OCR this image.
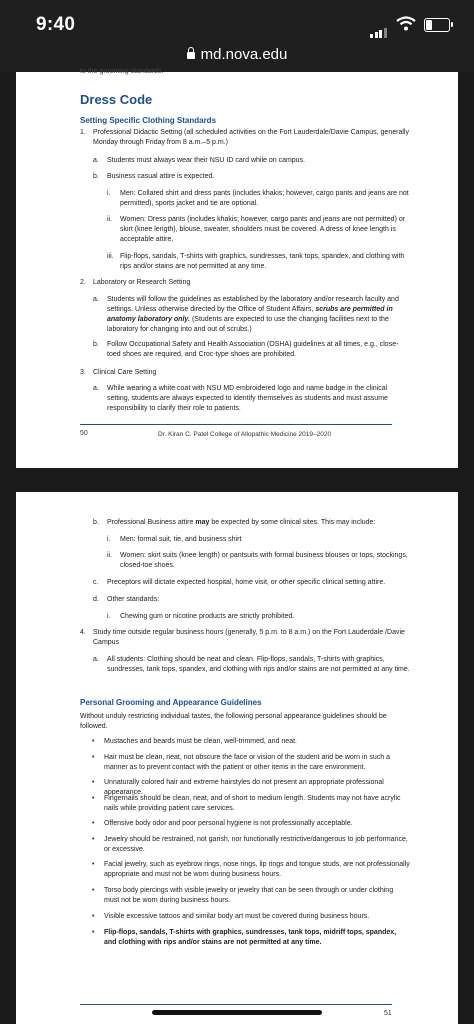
9:40
md.nova.edu
to the grooming standards.
Dress Code
Setting Specific Clothing Standards
1. Professional Didactic Setting (all scheduled activities on the Fort Lauderdale/Davie Campus, generally Monday through Friday from 8 a.m.–5 p.m.)
a. Students must always wear their NSU ID card while on campus.
b. Business casual attire is expected.
i. Men: Collared shirt and dress pants (includes khakis; however, cargo pants and jeans are not permitted), sports jacket and tie are optional.
ii. Women: Dress pants (includes khakis; however, cargo pants and jeans are not permitted) or skirt (knee length), blouse, sweater, shoulders must be covered. A dress of knee length is acceptable attire.
iii. Flip-flops, sandals, T-shirts with graphics, sundresses, tank tops, spandex, and clothing with rips and/or stains are not permitted at any time.
2. Laboratory or Research Setting
a. Students will follow the guidelines as established by the laboratory and/or research faculty and settings. Unless otherwise directed by the Office of Student Affairs, scrubs are permitted in anatomy laboratory only. (Students are expected to use the changing facilities next to the laboratory for changing into and out of scrubs.)
b. Follow Occupational Safety and Health Association (OSHA) guidelines at all times, e.g., close-toed shoes are required, and Croc-type shoes are prohibited.
3. Clinical Care Setting
a. While wearing a white coat with NSU MD embroidered logo and name badge in the clinical setting, students are always expected to identify themselves as students and must assume responsibility to clarify their role to patients.
50	Dr. Kiran C. Patel College of Allopathic Medicine 2019–2020
b. Professional Business attire may be expected by some clinical sites. This may include:
i. Men: formal suit, tie, and business shirt
ii. Women: skirt suits (knee length) or pantsuits with formal business blouses or tops, stockings, closed-toe shoes.
c. Preceptors will dictate expected hospital, home visit, or other specific clinical setting attire.
d. Other standards:
i. Chewing gum or nicotine products are strictly prohibited.
4. Study time outside regular business hours (generally, 5 p.m. to 8 a.m.) on the Fort Lauderdale /Davie Campus
a. All students: Clothing should be neat and clean. Flip-flops, sandals, T-shirts with graphics, sundresses, tank tops, spandex, and clothing with rips and/or stains are not permitted at any time.
Personal Grooming and Appearance Guidelines
Without unduly restricting individual tastes, the following personal appearance guidelines should be followed.
• Mustaches and beards must be clean, well-trimmed, and neat.
• Hair must be clean, neat, not obscure the face or vision of the student and be worn in such a manner as to prevent contact with the patient or other items in the care environment.
• Unnaturally colored hair and extreme hairstyles do not present an appropriate professional appearance.
• Fingernails should be clean, neat, and of short to medium length. Students may not have acrylic nails while providing patient care services.
• Offensive body odor and poor personal hygiene is not professionally acceptable.
• Jewelry should be restrained, not garish, nor functionally restrictive/dangerous to job performance, or excessive.
• Facial jewelry, such as eyebrow rings, nose rings, lip rings and tongue studs, are not professionally appropriate and must not be worn during business hours.
• Torso body piercings with visible jewelry or jewelry that can be seen through or under clothing must not be worn during business hours.
• Visible excessive tattoos and similar body art must be covered during business hours.
• Flip-flops, sandals, T-shirts with graphics, sundresses, tank tops, midriff tops, spandex, and clothing with rips and/or stains are not permitted at any time.
51
